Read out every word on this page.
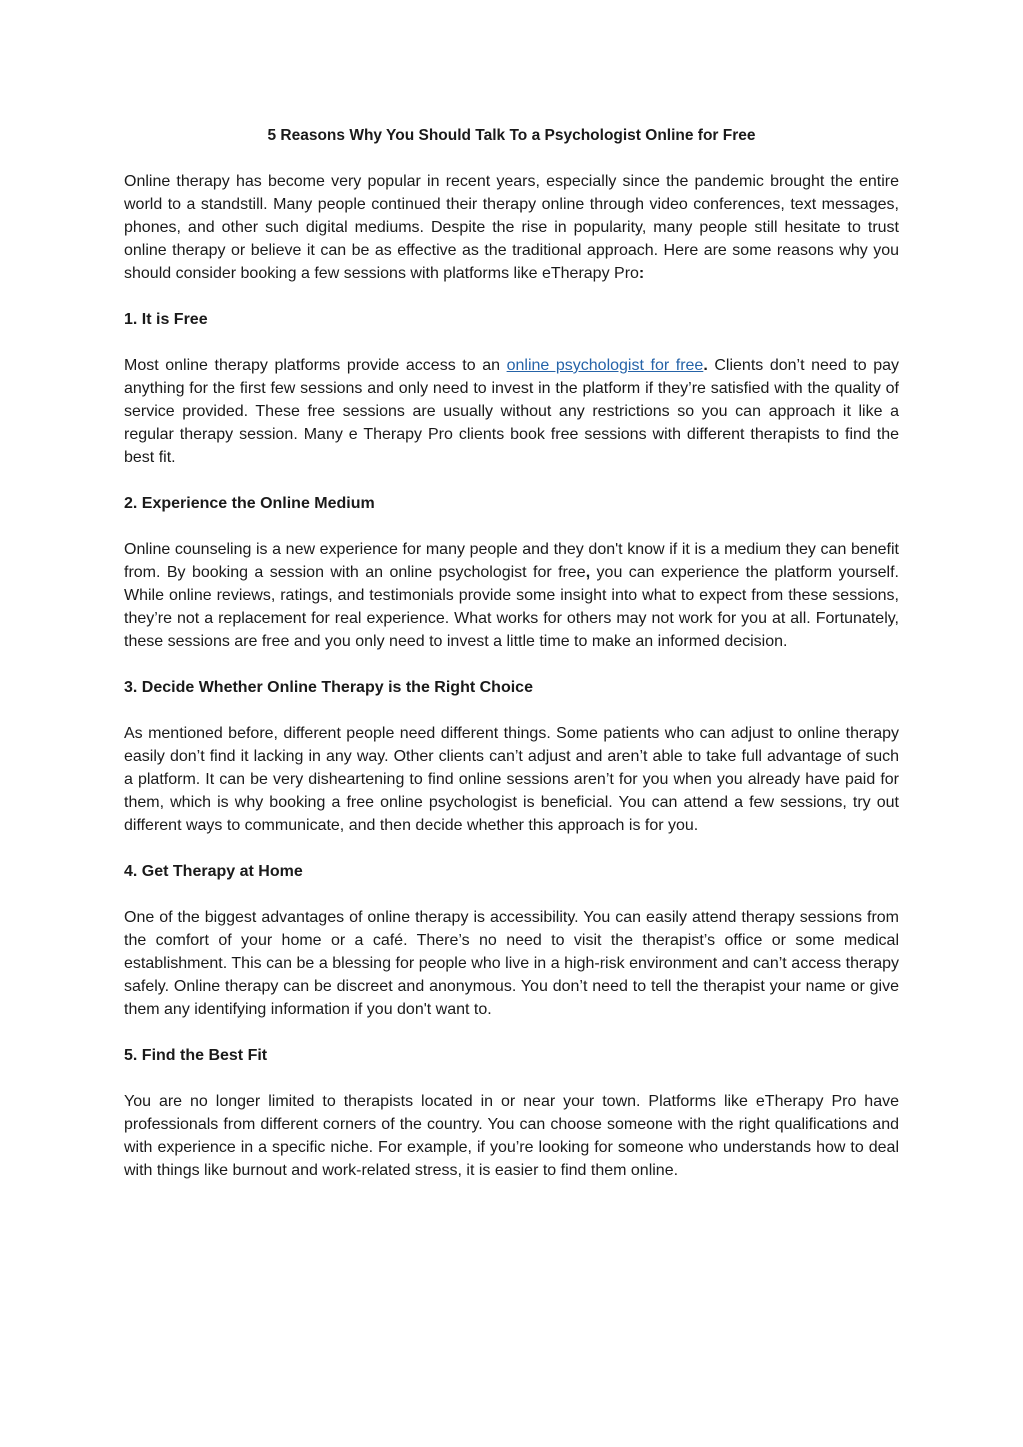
5 Reasons Why You Should Talk To a Psychologist Online for Free

Online therapy has become very popular in recent years, especially since the pandemic brought the entire world to a standstill. Many people continued their therapy online through video conferences, text messages, phones, and other such digital mediums. Despite the rise in popularity, many people still hesitate to trust online therapy or believe it can be as effective as the traditional approach. Here are some reasons why you should consider booking a few sessions with platforms like eTherapy Pro:

1. It is Free

Most online therapy platforms provide access to an online psychologist for free. Clients don’t need to pay anything for the first few sessions and only need to invest in the platform if they’re satisfied with the quality of service provided. These free sessions are usually without any restrictions so you can approach it like a regular therapy session. Many e Therapy Pro clients book free sessions with different therapists to find the best fit.

2. Experience the Online Medium

Online counseling is a new experience for many people and they don't know if it is a medium they can benefit from. By booking a session with an online psychologist for free, you can experience the platform yourself. While online reviews, ratings, and testimonials provide some insight into what to expect from these sessions, they’re not a replacement for real experience. What works for others may not work for you at all. Fortunately, these sessions are free and you only need to invest a little time to make an informed decision.

3. Decide Whether Online Therapy is the Right Choice

As mentioned before, different people need different things. Some patients who can adjust to online therapy easily don’t find it lacking in any way. Other clients can’t adjust and aren’t able to take full advantage of such a platform. It can be very disheartening to find online sessions aren’t for you when you already have paid for them, which is why booking a free online psychologist is beneficial. You can attend a few sessions, try out different ways to communicate, and then decide whether this approach is for you.

4. Get Therapy at Home

One of the biggest advantages of online therapy is accessibility. You can easily attend therapy sessions from the comfort of your home or a café. There’s no need to visit the therapist’s office or some medical establishment. This can be a blessing for people who live in a high-risk environment and can’t access therapy safely. Online therapy can be discreet and anonymous. You don’t need to tell the therapist your name or give them any identifying information if you don't want to.

5. Find the Best Fit

You are no longer limited to therapists located in or near your town. Platforms like eTherapy Pro have professionals from different corners of the country. You can choose someone with the right qualifications and with experience in a specific niche. For example, if you’re looking for someone who understands how to deal with things like burnout and work-related stress, it is easier to find them online.
